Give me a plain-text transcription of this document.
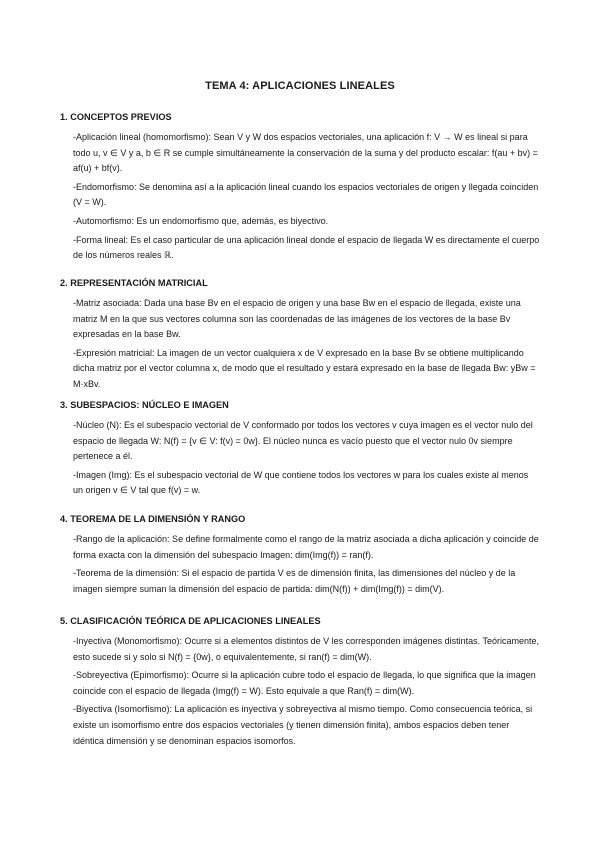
TEMA 4: APLICACIONES LINEALES
1. CONCEPTOS PREVIOS
-Aplicación lineal (homomorfismo): Sean V y W dos espacios vectoriales, una aplicación f: V → W es lineal si para todo u, v ∈ V y a, b ∈ R se cumple simultáneamente la conservación de la suma y del producto escalar: f(au + bv) = af(u) + bf(v).
-Endomorfismo: Se denomina así a la aplicación lineal cuando los espacios vectoriales de origen y llegada coinciden (V = W).
-Automorfismo: Es un endomorfismo que, además, es biyectivo.
-Forma lineal: Es el caso particular de una aplicación lineal donde el espacio de llegada W es directamente el cuerpo de los números reales ℝ.
2. REPRESENTACIÓN MATRICIAL
-Matriz asociada: Dada una base Bv en el espacio de origen y una base Bw en el espacio de llegada, existe una matriz M en la que sus vectores columna son las coordenadas de las imágenes de los vectores de la base Bv expresadas en la base Bw.
-Expresión matricial: La imagen de un vector cualquiera x de V expresado en la base Bv se obtiene multiplicando dicha matriz por el vector columna x, de modo que el resultado y estará expresado en la base de llegada Bw: yBw = M·xBv.
3. SUBESPACIOS: NÚCLEO E IMAGEN
-Núcleo (N): Es el subespacio vectorial de V conformado por todos los vectores v cuya imagen es el vector nulo del espacio de llegada W: N(f) = {v ∈ V: f(v) = 0w}. El núcleo nunca es vacío puesto que el vector nulo 0v siempre pertenece a él.
-Imagen (Img): Es el subespacio vectorial de W que contiene todos los vectores w para los cuales existe al menos un origen v ∈ V tal que f(v) = w.
4. TEOREMA DE LA DIMENSIÓN Y RANGO
-Rango de la aplicación: Se define formalmente como el rango de la matriz asociada a dicha aplicación y coincide de forma exacta con la dimensión del subespacio Imagen: dim(Img(f)) = ran(f).
-Teorema de la dimensión: Si el espacio de partida V es de dimensión finita, las dimensiones del núcleo y de la imagen siempre suman la dimensión del espacio de partida: dim(N(f)) + dim(Img(f)) = dim(V).
5. CLASIFICACIÓN TEÓRICA DE APLICACIONES LINEALES
-Inyectiva (Monomorfismo): Ocurre si a elementos distintos de V les corresponden imágenes distintas. Teóricamente, esto sucede si y solo si N(f) = {0w}, o equivalentemente, si ran(f) = dim(W).
-Sobreyectiva (Epimorfismo): Ocurre si la aplicación cubre todo el espacio de llegada, lo que significa que la imagen coincide con el espacio de llegada (Img(f) = W). Esto equivale a que Ran(f) = dim(W).
-Biyectiva (Isomorfismo): La aplicación es inyectiva y sobreyectiva al mismo tiempo. Como consecuencia teórica, si existe un isomorfismo entre dos espacios vectoriales (y tienen dimensión finita), ambos espacios deben tener idéntica dimensión y se denominan espacios isomorfos.
